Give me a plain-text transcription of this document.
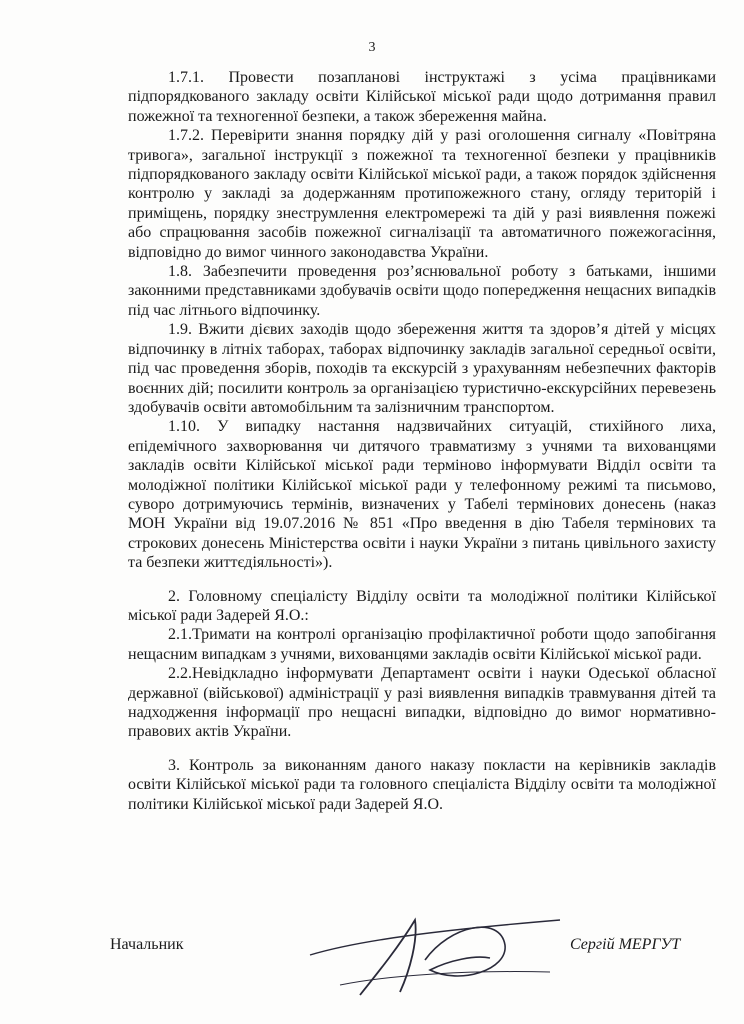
3

1.7.1. Провести позапланові інструктажі з усіма працівниками підпорядкованого закладу освіти Кілійської міської ради щодо дотримання правил пожежної та техногенної безпеки, а також збереження майна.

1.7.2. Перевірити знання порядку дій у разі оголошення сигналу «Повітряна тривога», загальної інструкції з пожежної та техногенної безпеки у працівників підпорядкованого закладу освіти Кілійської міської ради, а також порядок здійснення контролю у закладі за додержанням протипожежного стану, огляду територій і приміщень, порядку знеструмлення електромережі та дій у разі виявлення пожежі або спрацювання засобів пожежної сигналізації та автоматичного пожежогасіння, відповідно до вимог чинного законодавства України.

1.8. Забезпечити проведення роз’яснювальної роботу з батьками, іншими законними представниками здобувачів освіти щодо попередження нещасних випадків під час літнього відпочинку.

1.9. Вжити дієвих заходів щодо збереження життя та здоров’я дітей у місцях відпочинку в літніх таборах, таборах відпочинку закладів загальної середньої освіти, під час проведення зборів, походів та екскурсій з урахуванням небезпечних факторів воєнних дій; посилити контроль за організацією туристично-екскурсійних перевезень здобувачів освіти автомобільним та залізничним транспортом.

1.10. У випадку настання надзвичайних ситуацій, стихійного лиха, епідемічного захворювання чи дитячого травматизму з учнями та вихованцями закладів освіти Кілійської міської ради терміново інформувати Відділ освіти та молодіжної політики Кілійської міської ради у телефонному режимі та письмово, суворо дотримуючись термінів, визначених у Табелі термінових донесень (наказ МОН України від 19.07.2016 № 851 «Про введення в дію Табеля термінових та строкових донесень Міністерства освіти і науки України з питань цивільного захисту та безпеки життєдіяльності»).

2. Головному спеціалісту Відділу освіти та молодіжної політики Кілійської міської ради Задерей Я.О.:

2.1.Тримати на контролі організацію профілактичної роботи щодо запобігання нещасним випадкам з учнями, вихованцями закладів освіти Кілійської міської ради.

2.2.Невідкладно інформувати Департамент освіти і науки Одеської обласної державної (військової) адміністрації у разі виявлення випадків травмування дітей та надходження інформації про нещасні випадки, відповідно до вимог нормативно-правових актів України.

3. Контроль за виконанням даного наказу покласти на керівників закладів освіти Кілійської міської ради та головного спеціаліста Відділу освіти та молодіжної політики Кілійської міської ради Задерей Я.О.

Начальник	Сергій МЕРГУТ
